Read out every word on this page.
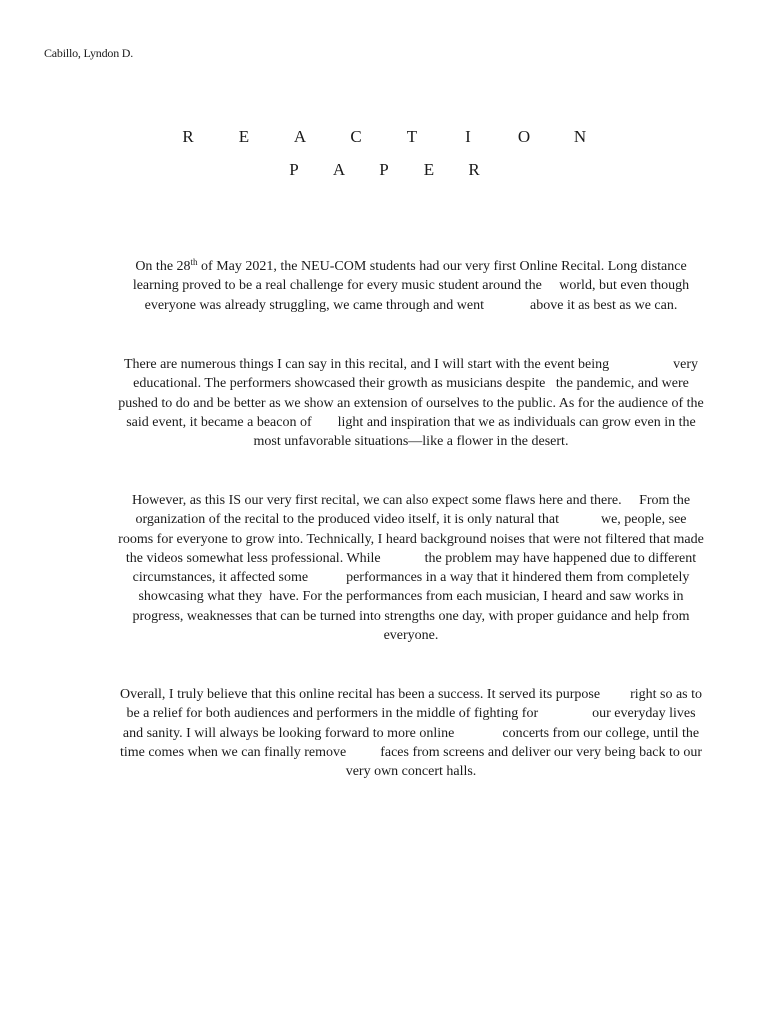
Cabillo, Lyndon D.
R	E	A	C	T	I	O	N
P	A	P	E	R
On the 28th of May 2021, the NEU-COM students had our very first Online Recital. Long distance
learning proved to be a real challenge for every music student around the     world, but even though
everyone was already struggling, we came through and went	above it as best as we can.
There are numerous things I can say in this recital, and I will start with the event being	very
educational. The performers showcased their growth as musicians despite   the pandemic, and were
pushed to do and be better as we show an extension of ourselves to the public. As for the audience of the
said event, it became a beacon of light and inspiration that we as individuals can grow even in the
most unfavorable situations—like a flower in the desert.
However, as this IS our very first recital, we can also expect some flaws here and there.     From the
organization of the recital to the produced video itself, it is only natural that	we, people, see
rooms for everyone to grow into. Technically, I heard background noises that were not filtered that made
the videos somewhat less professional. While	the problem may have happened due to different
circumstances, it affected some	performances in a way that it hindered them from completely
showcasing what they  have. For the performances from each musician, I heard and saw works in
progress, weaknesses that can be turned into strengths one day, with proper guidance and help from
everyone.
Overall, I truly believe that this online recital has been a success. It served its purpose right so as to
be a relief for both audiences and performers in the middle of fighting for	our everyday lives
and sanity. I will always be looking forward to more online	concerts from our college, until the
time comes when we can finally remove faces from screens and deliver our very being back to our
very own concert halls.
